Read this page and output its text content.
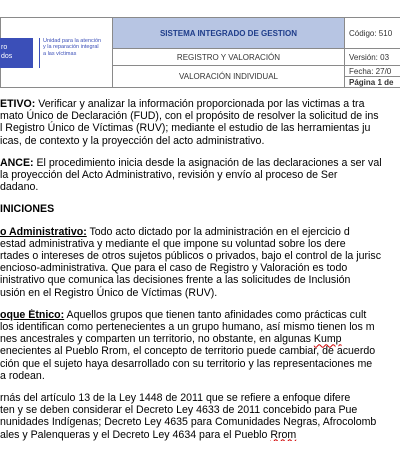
ro
dos
Unidad para la atención
y la reparación integral
a las víctimas	SISTEMA INTEGRADO DE GESTION	Código: 510

	REGISTRO Y VALORACIÓN	Versión: 03
	VALORACIÓN INDIVIDUAL	Fecha: 27/0
		Página 1 de
ETIVO: Verificar y analizar la información proporcionada por las victimas a tra
mato Único de Declaración (FUD), con el propósito de resolver la solicitud de ins
l Registro Único de Víctimas (RUV); mediante el estudio de las herramientas ju
icas, de contexto y la proyección del acto administrativo.
ANCE: El procedimiento inicia desde la asignación de las declaraciones a ser val
la proyección del Acto Administrativo, revisión y envío al proceso de Ser
dadano.
INICIONES
o Administrativo: Todo acto dictado por la administración en el ejercicio d
estad administrativa y mediante el que impone su voluntad sobre los dere
rtades o intereses de otros sujetos públicos o privados, bajo el control de la jurisc
encioso-administrativa. Que para el caso de Registro y Valoración es todo
inistrativo que comunica las decisiones frente a las solicitudes de Inclusión
usión en el Registro Único de Víctimas (RUV).
oque Étnico: Aquellos grupos que tienen tanto afinidades como prácticas cult
los identifican como pertenecientes a un grupo humano, así mismo tienen los m
nes ancestrales y comparten un territorio, no obstante, en algunas Kump
enecientes al Pueblo Rrom, el concepto de territorio puede cambiar, de acuerdo
ción que el sujeto haya desarrollado con su territorio y las representaciones me
a rodean.
rnás del artículo 13 de la Ley 1448 de 2011 que se refiere a enfoque difere
ten y se deben considerar el Decreto Ley 4633 de 2011 concebido para Pue
nunidades Indígenas; Decreto Ley 4635 para Comunidades Negras, Afrocolomb
ales y Palenqueras y el Decreto Ley 4634 para el Pueblo Rrom
